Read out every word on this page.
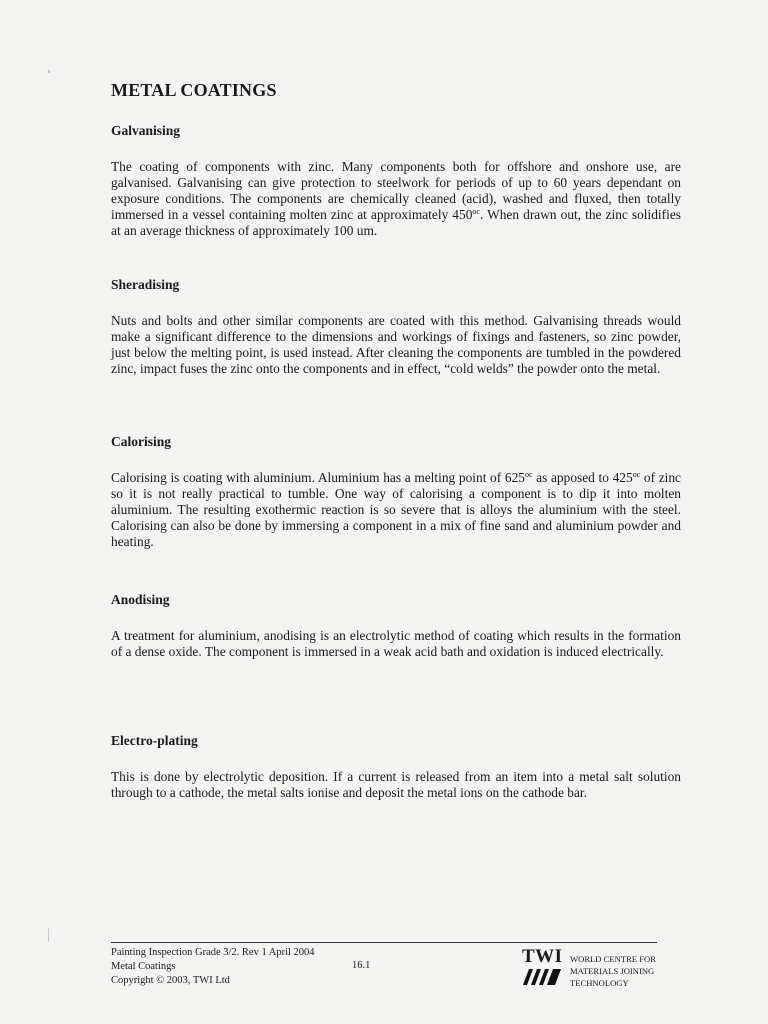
METAL COATINGS
Galvanising

The coating of components with zinc. Many components both for offshore and onshore use, are galvanised. Galvanising can give protection to steelwork for periods of up to 60 years dependant on exposure conditions. The components are chemically cleaned (acid), washed and fluxed, then totally immersed in a vessel containing molten zinc at approximately $450^{oc}$. When drawn out, the zinc solidifies at an average thickness of approximately 100 um.

Sheradising

Nuts and bolts and other similar components are coated with this method. Galvanising threads would make a significant difference to the dimensions and workings of fixings and fasteners, so zinc powder, just below the melting point, is used instead. After cleaning the components are tumbled in the powdered zinc, impact fuses the zinc onto the components and in effect, “cold welds” the powder onto the metal.

Calorising

Calorising is coating with aluminium. Aluminium has a melting point of $625^{oc}$ as apposed to $425^{oc}$ of zinc so it is not really practical to tumble. One way of calorising a component is to dip it into molten aluminium. The resulting exothermic reaction is so severe that is alloys the aluminium with the steel. Calorising can also be done by immersing a component in a mix of fine sand and aluminium powder and heating.

Anodising

A treatment for aluminium, anodising is an electrolytic method of coating which results in the formation of a dense oxide. The component is immersed in a weak acid bath and oxidation is induced electrically.

Electro-plating

This is done by electrolytic deposition. If a current is released from an item into a metal salt solution through to a cathode, the metal salts ionise and deposit the metal ions on the cathode bar.

Painting Inspection Grade 3/2. Rev 1 April 2004
Metal Coatings
Copyright © 2003, TWI Ltd
16.1	TWI WORLD CENTRE FOR
MATERIALS JOINING
TECHNOLOGY
